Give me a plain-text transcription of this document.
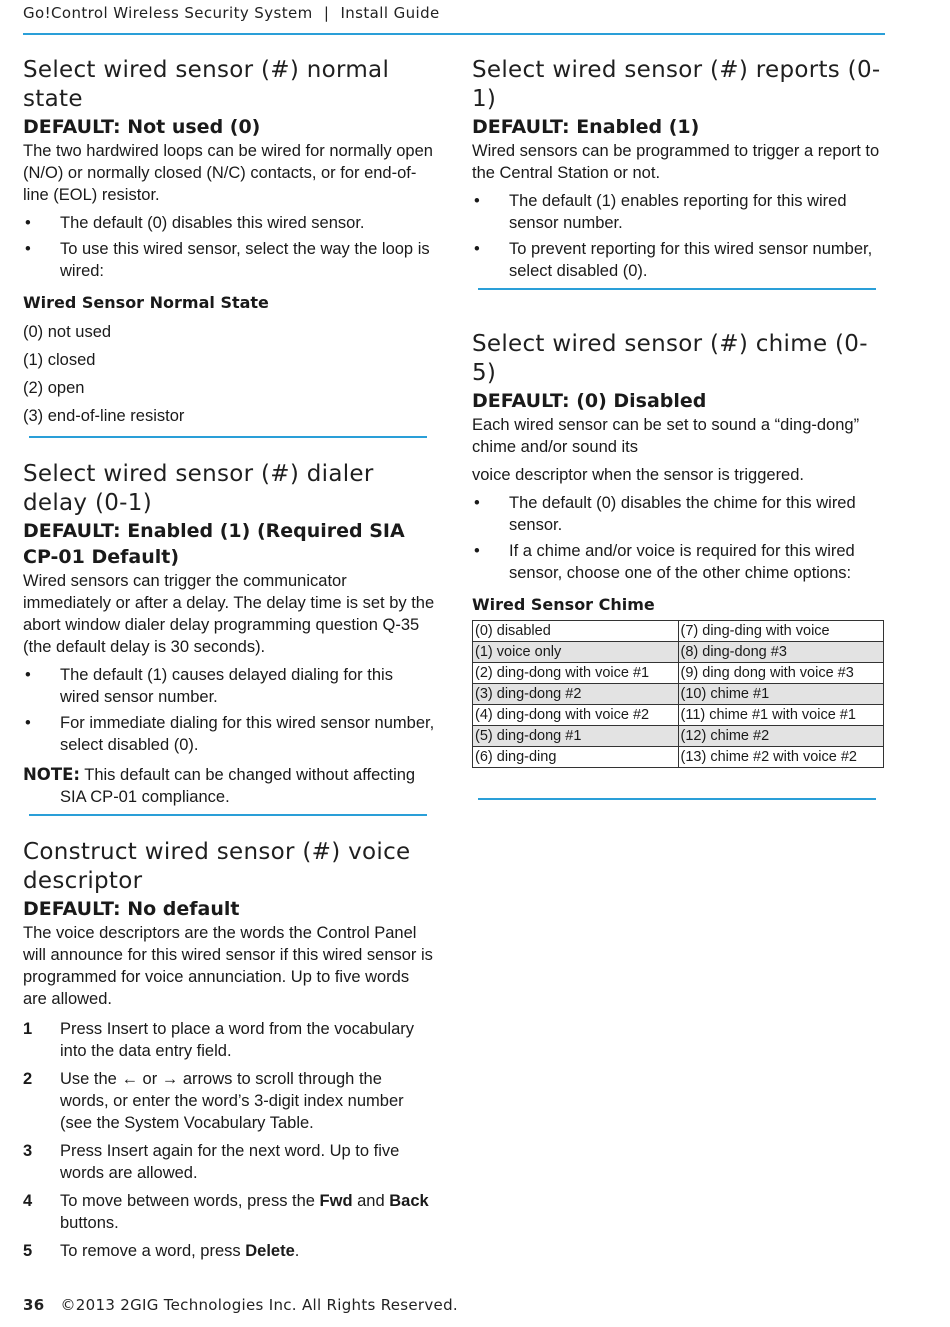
Go!Control Wireless Security System | Install Guide
Select wired sensor (#) normal state
DEFAULT: Not used (0)

The two hardwired loops can be wired for normally open (N/O) or normally closed (N/C) contacts, or for end-of-line (EOL) resistor.

• The default (0) disables this wired sensor.
• To use this wired sensor, select the way the loop is wired:
Wired Sensor Normal State
(0) not used
(1) closed
(2) open
(3) end-of-line resistor
Select wired sensor (#) dialer delay (0-1)
DEFAULT: Enabled (1) (Required SIA CP-01 Default)

Wired sensors can trigger the communicator immediately or after a delay. The delay time is set by the abort window dialer delay programming question Q-35 (the default delay is 30 seconds).

• The default (1) causes delayed dialing for this wired sensor number.
• For immediate dialing for this wired sensor number, select disabled (0).
NOTE: This default can be changed without affecting SIA CP-01 compliance.
Construct wired sensor (#) voice descriptor
DEFAULT: No default

The voice descriptors are the words the Control Panel will announce for this wired sensor if this wired sensor is programmed for voice annunciation. Up to five words are allowed.

1 Press Insert to place a word from the vocabulary into the data entry field.
2 Use the ← or → arrows to scroll through the words, or enter the word’s 3-digit index number (see the System Vocabulary Table.
3 Press Insert again for the next word. Up to five words are allowed.
4 To move between words, press the Fwd and Back buttons.
5 To remove a word, press Delete.
Select wired sensor (#) reports (0-1)
DEFAULT: Enabled (1)

Wired sensors can be programmed to trigger a report to the Central Station or not.

• The default (1) enables reporting for this wired sensor number.
• To prevent reporting for this wired sensor number, select disabled (0).
Select wired sensor (#) chime (0-5)
DEFAULT: (0) Disabled

Each wired sensor can be set to sound a “ding-dong” chime and/or sound its

voice descriptor when the sensor is triggered.

• The default (0) disables the chime for this wired sensor.
• If a chime and/or voice is required for this wired sensor, choose one of the other chime options:
Wired Sensor Chime
(0) disabled	(7) ding-ding with voice
(1) voice only	(8) ding-dong #3
(2) ding-dong with voice #1	(9) ding dong with voice #3
(3) ding-dong #2	(10) chime #1
(4) ding-dong with voice #2	(11) chime #1 with voice #1
(5) ding-dong #1	(12) chime #2
(6) ding-ding	(13) chime #2 with voice #2
36 ©2013 2GIG Technologies Inc. All Rights Reserved.
